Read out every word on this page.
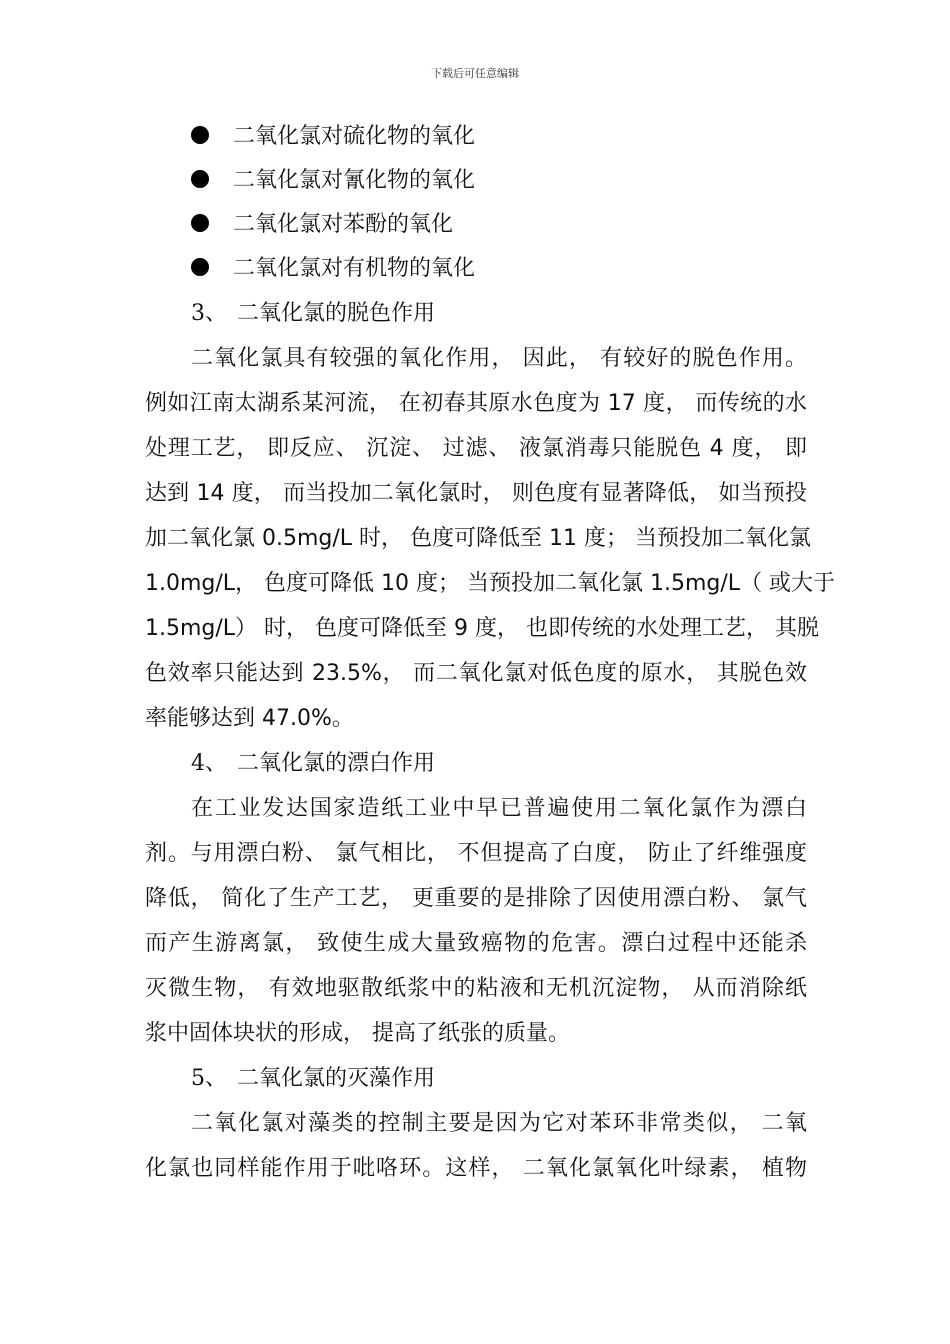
下载后可任意编辑
二氧化氯对硫化物的氧化
二氧化氯对氰化物的氧化
二氧化氯对苯酚的氧化
二氧化氯对有机物的氧化
3、 二氧化氯的脱色作用
二氧化氯具有较强的氧化作用， 因此， 有较好的脱色作用。
例如江南太湖系某河流， 在初春其原水色度为 17 度， 而传统的水
处理工艺， 即反应、 沉淀、 过滤、 液氯消毒只能脱色 4 度， 即
达到 14 度， 而当投加二氧化氯时， 则色度有显著降低， 如当预投
加二氧化氯 0.5mg/L 时， 色度可降低至 11 度； 当预投加二氧化氯
1.0mg/L， 色度可降低 10 度； 当预投加二氧化氯 1.5mg/L（ 或大于
1.5mg/L） 时， 色度可降低至 9 度， 也即传统的水处理工艺， 其脱
色效率只能达到 23.5%， 而二氧化氯对低色度的原水， 其脱色效
率能够达到 47.0%。
4、 二氧化氯的漂白作用
在工业发达国家造纸工业中早已普遍使用二氧化氯作为漂白
剂。与用漂白粉、 氯气相比， 不但提高了白度， 防止了纤维强度
降低， 简化了生产工艺， 更重要的是排除了因使用漂白粉、 氯气
而产生游离氯， 致使生成大量致癌物的危害。漂白过程中还能杀
灭微生物， 有效地驱散纸浆中的粘液和无机沉淀物， 从而消除纸
浆中固体块状的形成， 提高了纸张的质量。
5、 二氧化氯的灭藻作用
二氧化氯对藻类的控制主要是因为它对苯环非常类似， 二氧
化氯也同样能作用于吡咯环。这样， 二氧化氯氧化叶绿素， 植物
